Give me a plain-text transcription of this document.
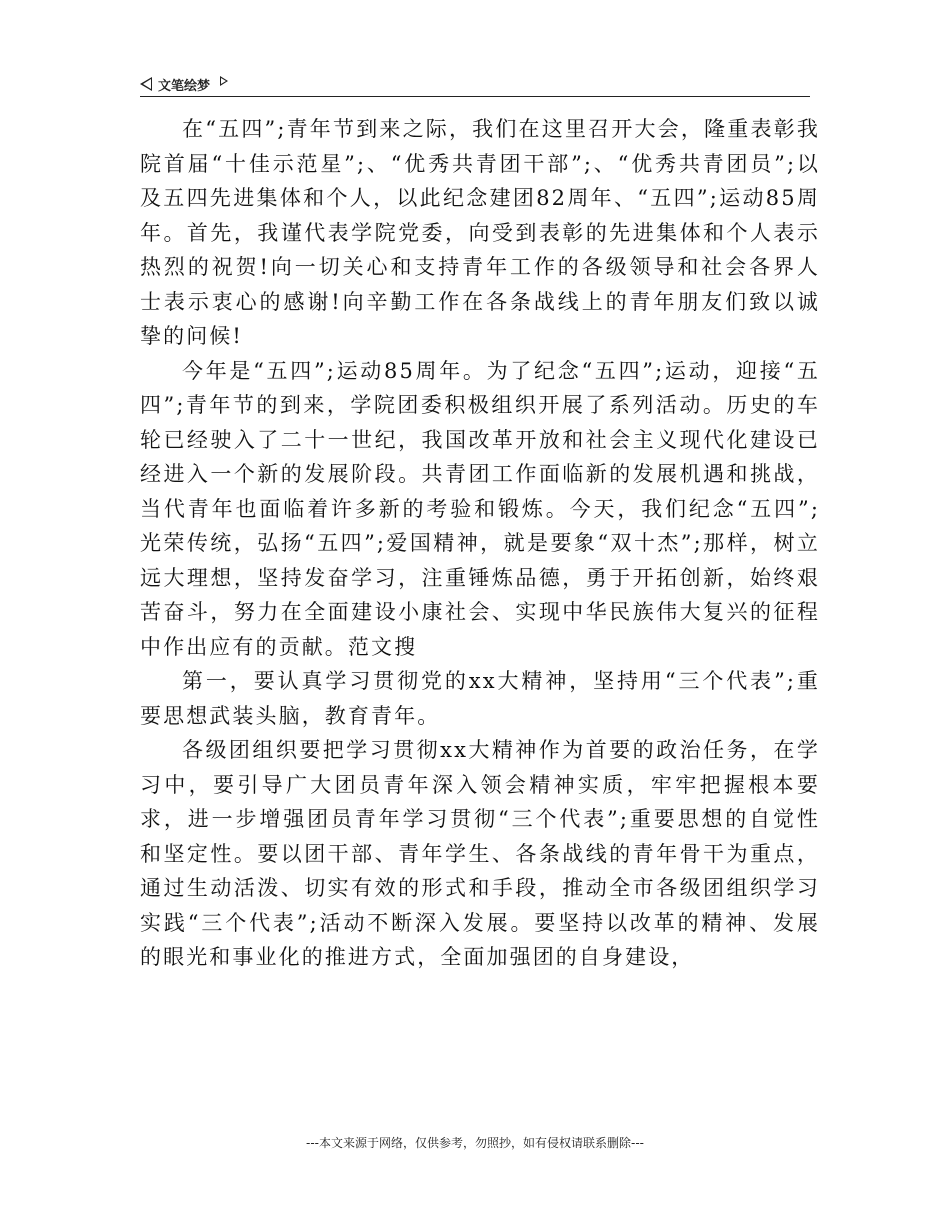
文笔绘梦

在“五四”;青年节到来之际，我们在这里召开大会，隆重表彰我院首届“十佳示范星”;、“优秀共青团干部”;、“优秀共青团员”;以及五四先进集体和个人，以此纪念建团82周年、“五四”;运动85周年。首先，我谨代表学院党委，向受到表彰的先进集体和个人表示热烈的祝贺!向一切关心和支持青年工作的各级领导和社会各界人士表示衷心的感谢!向辛勤工作在各条战线上的青年朋友们致以诚挚的问候!

今年是“五四”;运动85周年。为了纪念“五四”;运动，迎接“五四”;青年节的到来，学院团委积极组织开展了系列活动。历史的车轮已经驶入了二十一世纪，我国改革开放和社会主义现代化建设已经进入一个新的发展阶段。共青团工作面临新的发展机遇和挑战，当代青年也面临着许多新的考验和锻炼。今天，我们纪念“五四”;光荣传统，弘扬“五四”;爱国精神，就是要象“双十杰”;那样，树立远大理想，坚持发奋学习，注重锤炼品德，勇于开拓创新，始终艰苦奋斗，努力在全面建设小康社会、实现中华民族伟大复兴的征程中作出应有的贡献。范文搜

第一，要认真学习贯彻党的xx大精神，坚持用“三个代表”;重要思想武装头脑，教育青年。

各级团组织要把学习贯彻xx大精神作为首要的政治任务，在学习中，要引导广大团员青年深入领会精神实质，牢牢把握根本要求，进一步增强团员青年学习贯彻“三个代表”;重要思想的自觉性和坚定性。要以团干部、青年学生、各条战线的青年骨干为重点，通过生动活泼、切实有效的形式和手段，推动全市各级团组织学习实践“三个代表”;活动不断深入发展。要坚持以改革的精神、发展的眼光和事业化的推进方式，全面加强团的自身建设，

---本文来源于网络，仅供参考，勿照抄，如有侵权请联系删除---
